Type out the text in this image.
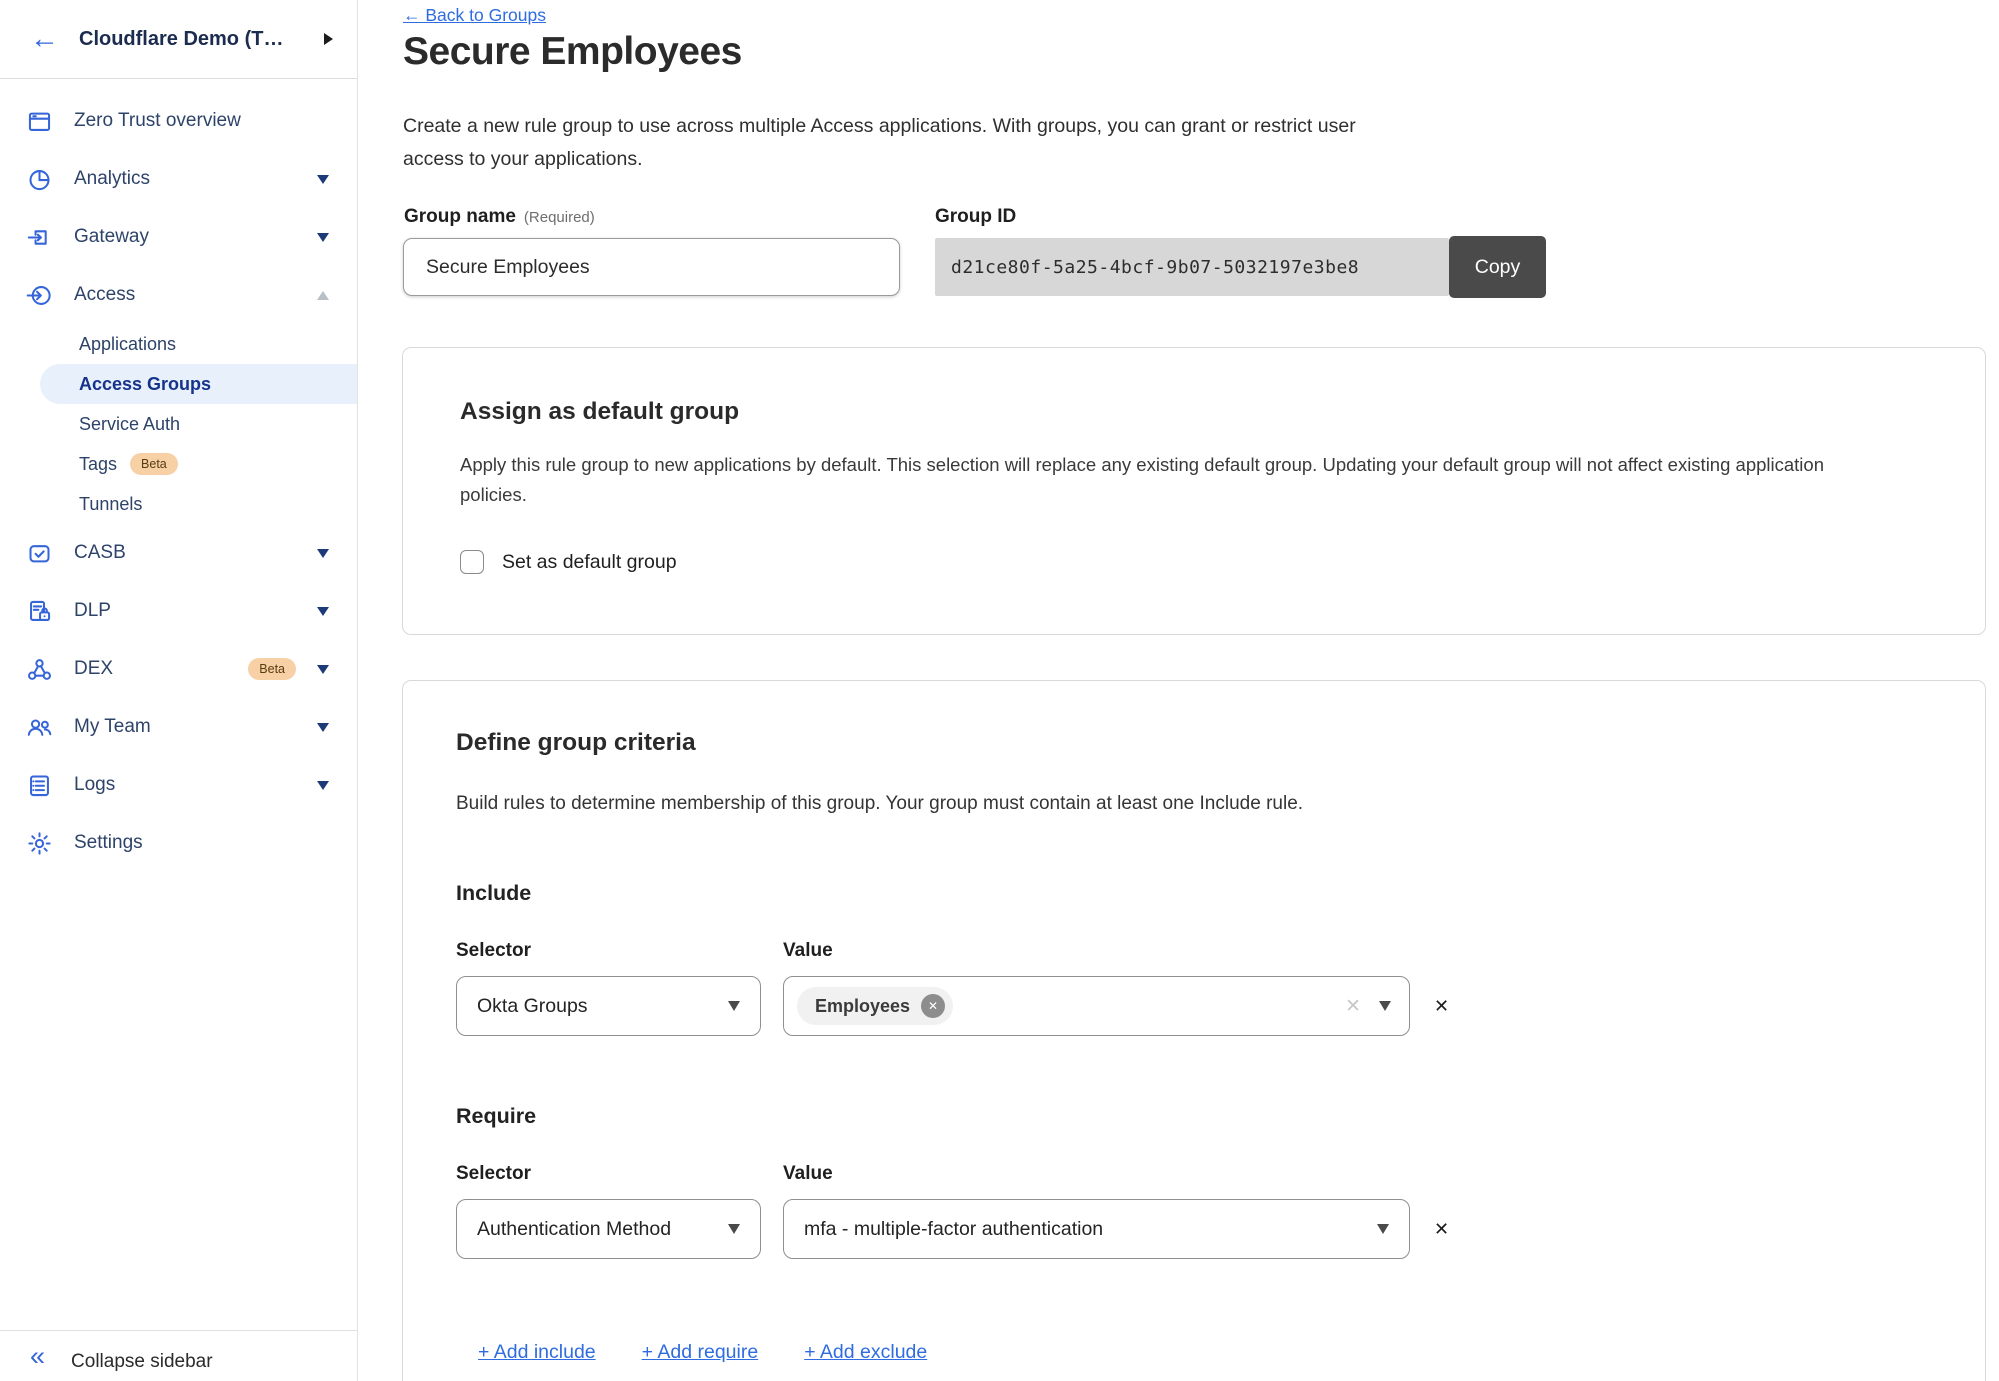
← Cloudflare Demo (T…
Zero Trust overview
Analytics
Gateway
Access
Applications
Access Groups
Service Auth
Tags	Beta
Tunnels
CASB
DLP
DEX	Beta
My Team
Logs
Settings
« Collapse sidebar
← Back to Groups
Secure Employees

Create a new rule group to use across multiple Access applications. With groups, you can grant or restrict user access to your applications.

Group name (Required)
Secure Employees	Group ID
d21ce80f-5a25-4bcf-9b07-5032197e3be8	Copy
Assign as default group

Apply this rule group to new applications by default. This selection will replace any existing default group. Updating your default group will not affect existing application policies.

Set as default group
Define group criteria

Build rules to determine membership of this group. Your group must contain at least one Include rule.

Include
Selector	Value
Okta Groups	Employees	✕	✕	✕
Require
Selector	Value
Authentication Method	mfa - multiple-factor authentication	✕
+ Add include + Add require + Add exclude
